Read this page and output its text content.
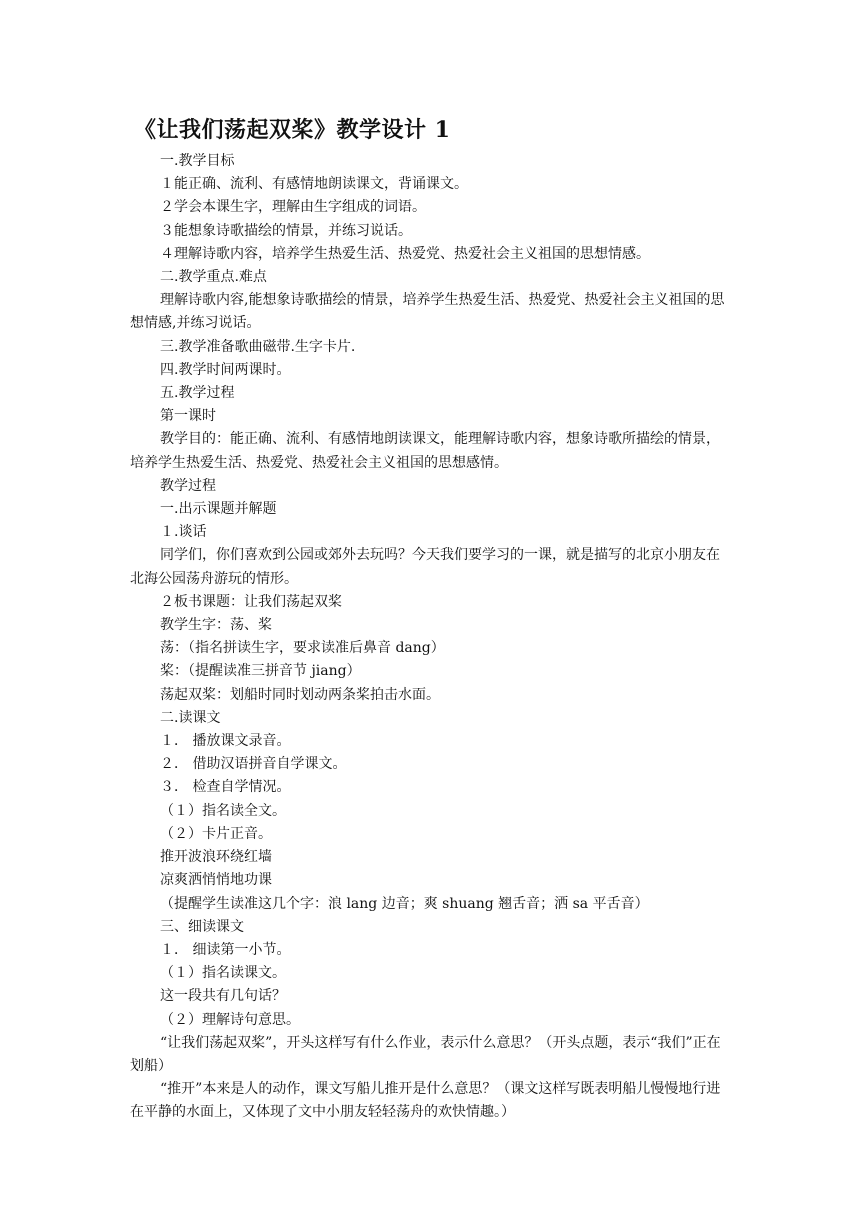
《让我们荡起双桨》教学设计 1

一.教学目标

１能正确、流利、有感情地朗读课文，背诵课文。

２学会本课生字，理解由生字组成的词语。

３能想象诗歌描绘的情景，并练习说话。

４理解诗歌内容，培养学生热爱生活、热爱党、热爱社会主义祖国的思想情感。

二.教学重点.难点

理解诗歌内容,能想象诗歌描绘的情景，培养学生热爱生活、热爱党、热爱社会主义祖国的思想情感,并练习说话。

三.教学准备歌曲磁带.生字卡片.

四.教学时间两课时。

五.教学过程

第一课时

教学目的：能正确、流利、有感情地朗读课文，能理解诗歌内容，想象诗歌所描绘的情景，培养学生热爱生活、热爱党、热爱社会主义祖国的思想感情。

教学过程

一.出示课题并解题

１.谈话

同学们，你们喜欢到公园或郊外去玩吗？今天我们要学习的一课，就是描写的北京小朋友在北海公园荡舟游玩的情形。

２板书课题：让我们荡起双桨

教学生字：荡、桨

荡：（指名拼读生字，要求读准后鼻音 dang）

桨：（提醒读准三拼音节 jiang）

荡起双桨：划船时同时划动两条桨拍击水面。

二.读课文

１． 播放课文录音。

２． 借助汉语拼音自学课文。

３． 检查自学情况。

（１）指名读全文。

（２）卡片正音。

推开波浪环绕红墙

凉爽洒悄悄地功课

（提醒学生读准这几个字：浪 lang 边音；爽 shuang 翘舌音；洒 sa 平舌音）

三、细读课文

１． 细读第一小节。

（１）指名读课文。

这一段共有几句话？

（２）理解诗句意思。

“让我们荡起双桨”，开头这样写有什么作业，表示什么意思？（开头点题，表示“我们”正在划船）

“推开”本来是人的动作，课文写船儿推开是什么意思？（课文这样写既表明船儿慢慢地行进在平静的水面上，又体现了文中小朋友轻轻荡舟的欢快情趣。）
